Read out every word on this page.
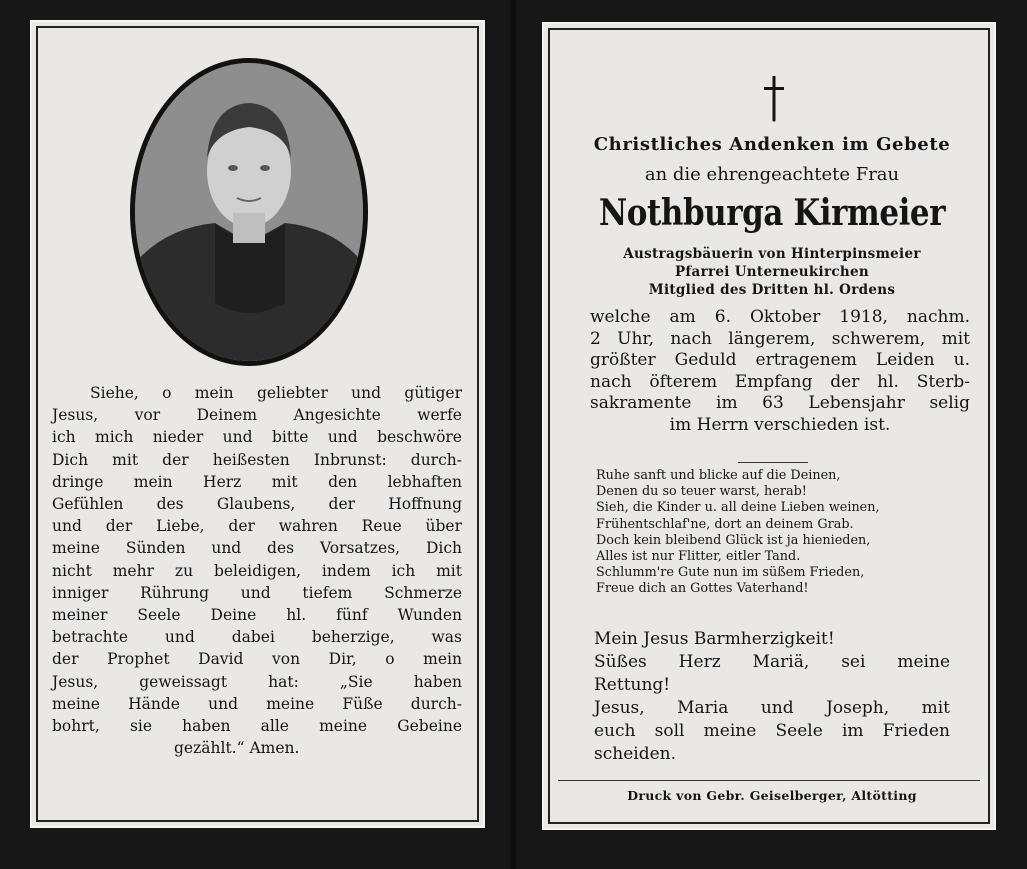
Siehe, o mein geliebter und gütiger
Jesus, vor Deinem Angesichte werfe
ich mich nieder und bitte und beschwöre
Dich mit der heißesten Inbrunst: durch-
dringe mein Herz mit den lebhaften
Gefühlen des Glaubens, der Hoffnung
und der Liebe, der wahren Reue über
meine Sünden und des Vorsatzes, Dich
nicht mehr zu beleidigen, indem ich mit
inniger Rührung und tiefem Schmerze
meiner Seele Deine hl. fünf Wunden
betrachte und dabei beherzige, was
der Prophet David von Dir, o mein
Jesus, geweissagt hat: „Sie haben
meine Hände und meine Füße durch-
bohrt, sie haben alle meine Gebeine
gezählt.“ Amen.
Christliches Andenken im Gebete
an die ehrengeachtete Frau
Nothburga Kirmeier
Austragsbäuerin von Hinterpinsmeier
Pfarrei Unterneukirchen
Mitglied des Dritten hl. Ordens
welche am 6. Oktober 1918, nachm.
2 Uhr, nach längerem, schwerem, mit
größter Geduld ertragenem Leiden u.
nach öfterem Empfang der hl. Sterb-
sakramente im 63 Lebensjahr selig
im Herrn verschieden ist.
Ruhe sanft und blicke auf die Deinen,
Denen du so teuer warst, herab!
Sieh, die Kinder u. all deine Lieben weinen,
Frühentschlaf'ne, dort an deinem Grab.
Doch kein bleibend Glück ist ja hienieden,
Alles ist nur Flitter, eitler Tand.
Schlumm're Gute nun im süßem Frieden,
Freue dich an Gottes Vaterhand!
Mein Jesus Barmherzigkeit!
Süßes Herz Mariä, sei meine
Rettung!
Jesus, Maria und Joseph, mit
euch soll meine Seele im Frieden
scheiden.
Druck von Gebr. Geiselberger, Altötting
